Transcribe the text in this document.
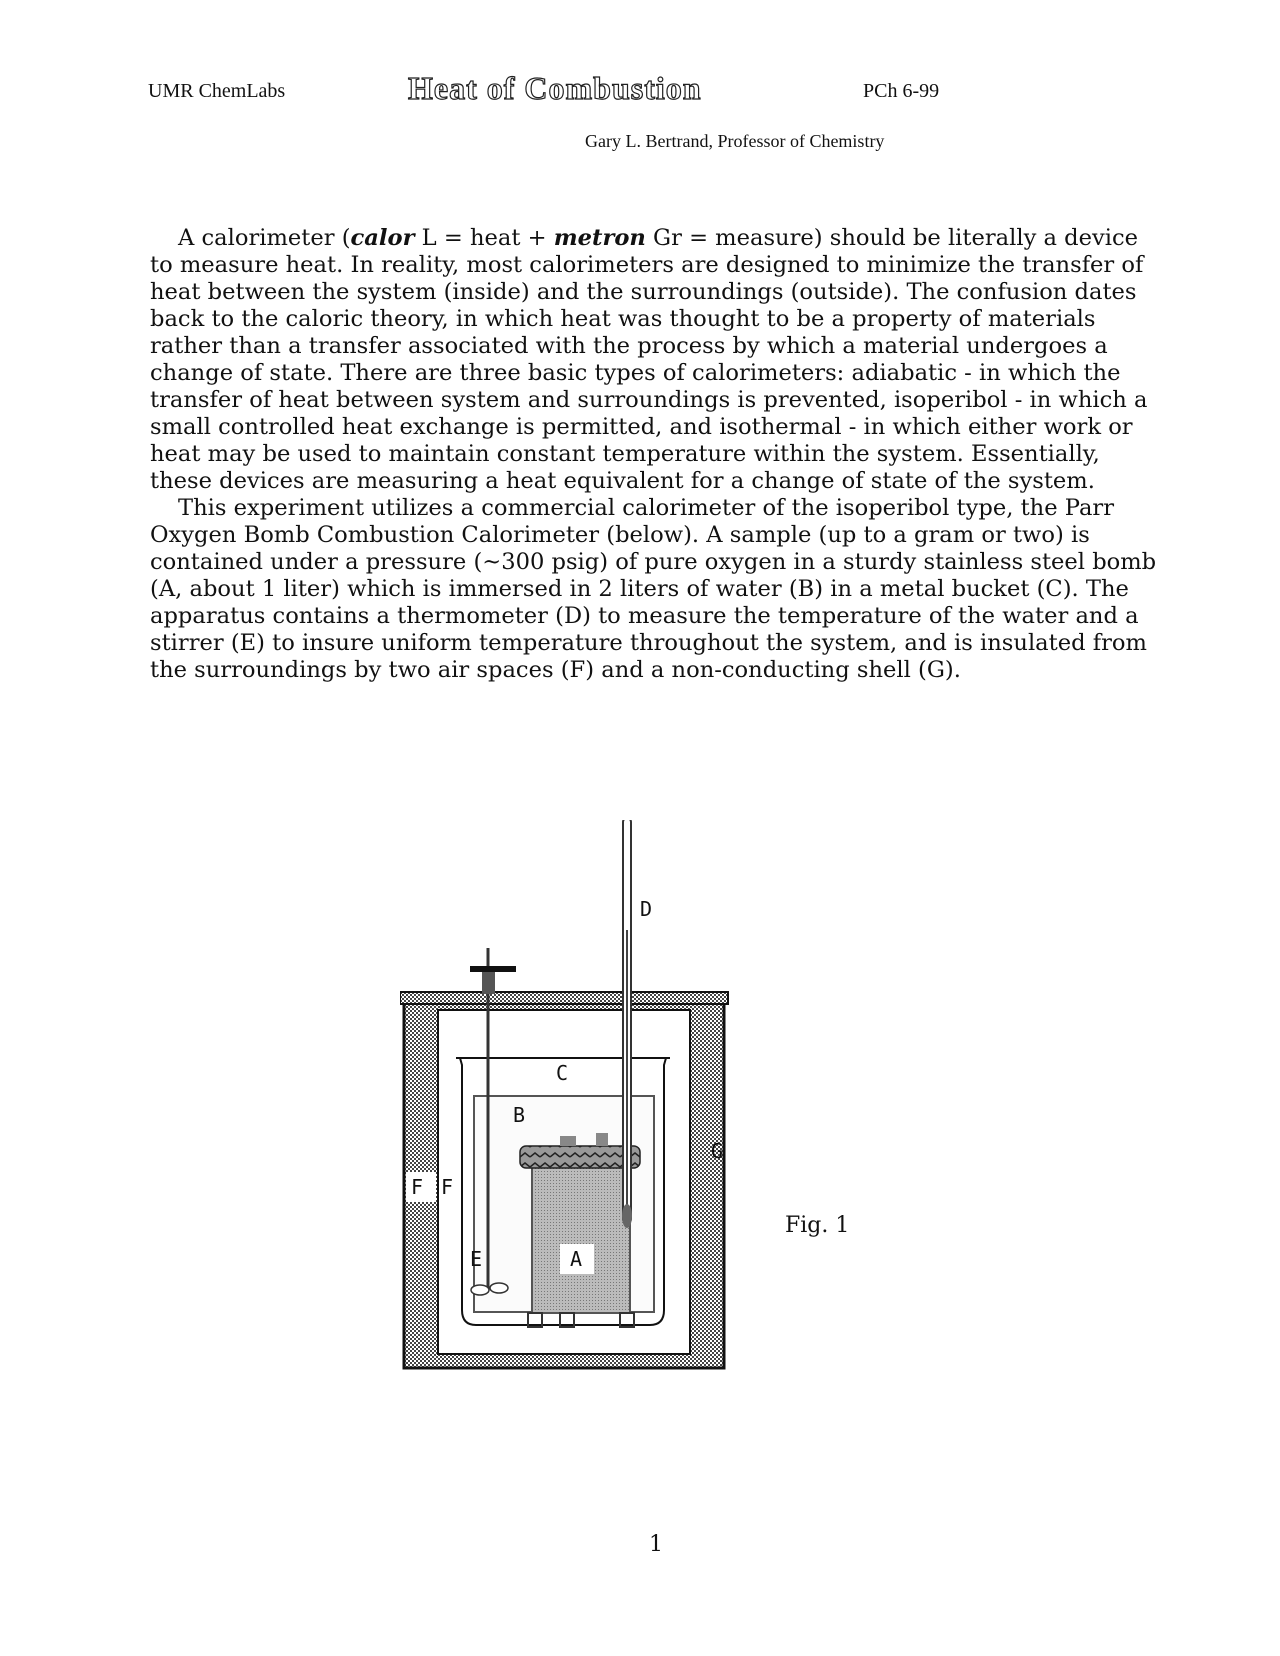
UMR ChemLabs	Heat of Combustion	PCh 6-99
Gary L. Bertrand, Professor of Chemistry

A calorimeter (calor L = heat + metron Gr = measure) should be literally a device to measure heat. In reality, most calorimeters are designed to minimize the transfer of heat between the system (inside) and the surroundings (outside). The confusion dates back to the caloric theory, in which heat was thought to be a property of materials rather than a transfer associated with the process by which a material undergoes a change of state. There are three basic types of calorimeters: adiabatic - in which the transfer of heat between system and surroundings is prevented, isoperibol - in which a small controlled heat exchange is permitted, and isothermal - in which either work or heat may be used to maintain constant temperature within the system. Essentially, these devices are measuring a heat equivalent for a change of state of the system.

This experiment utilizes a commercial calorimeter of the isoperibol type, the Parr Oxygen Bomb Combustion Calorimeter (below). A sample (up to a gram or two) is contained under a pressure (~300 psig) of pure oxygen in a sturdy stainless steel bomb (A, about 1 liter) which is immersed in 2 liters of water (B) in a metal bucket (C). The apparatus contains a thermometer (D) to measure the temperature of the water and a stirrer (E) to insure uniform temperature throughout the system, and is insulated from the surroundings by two air spaces (F) and a non-conducting shell (G).

D
C
B
G
F F
E	A
Fig. 1
1
